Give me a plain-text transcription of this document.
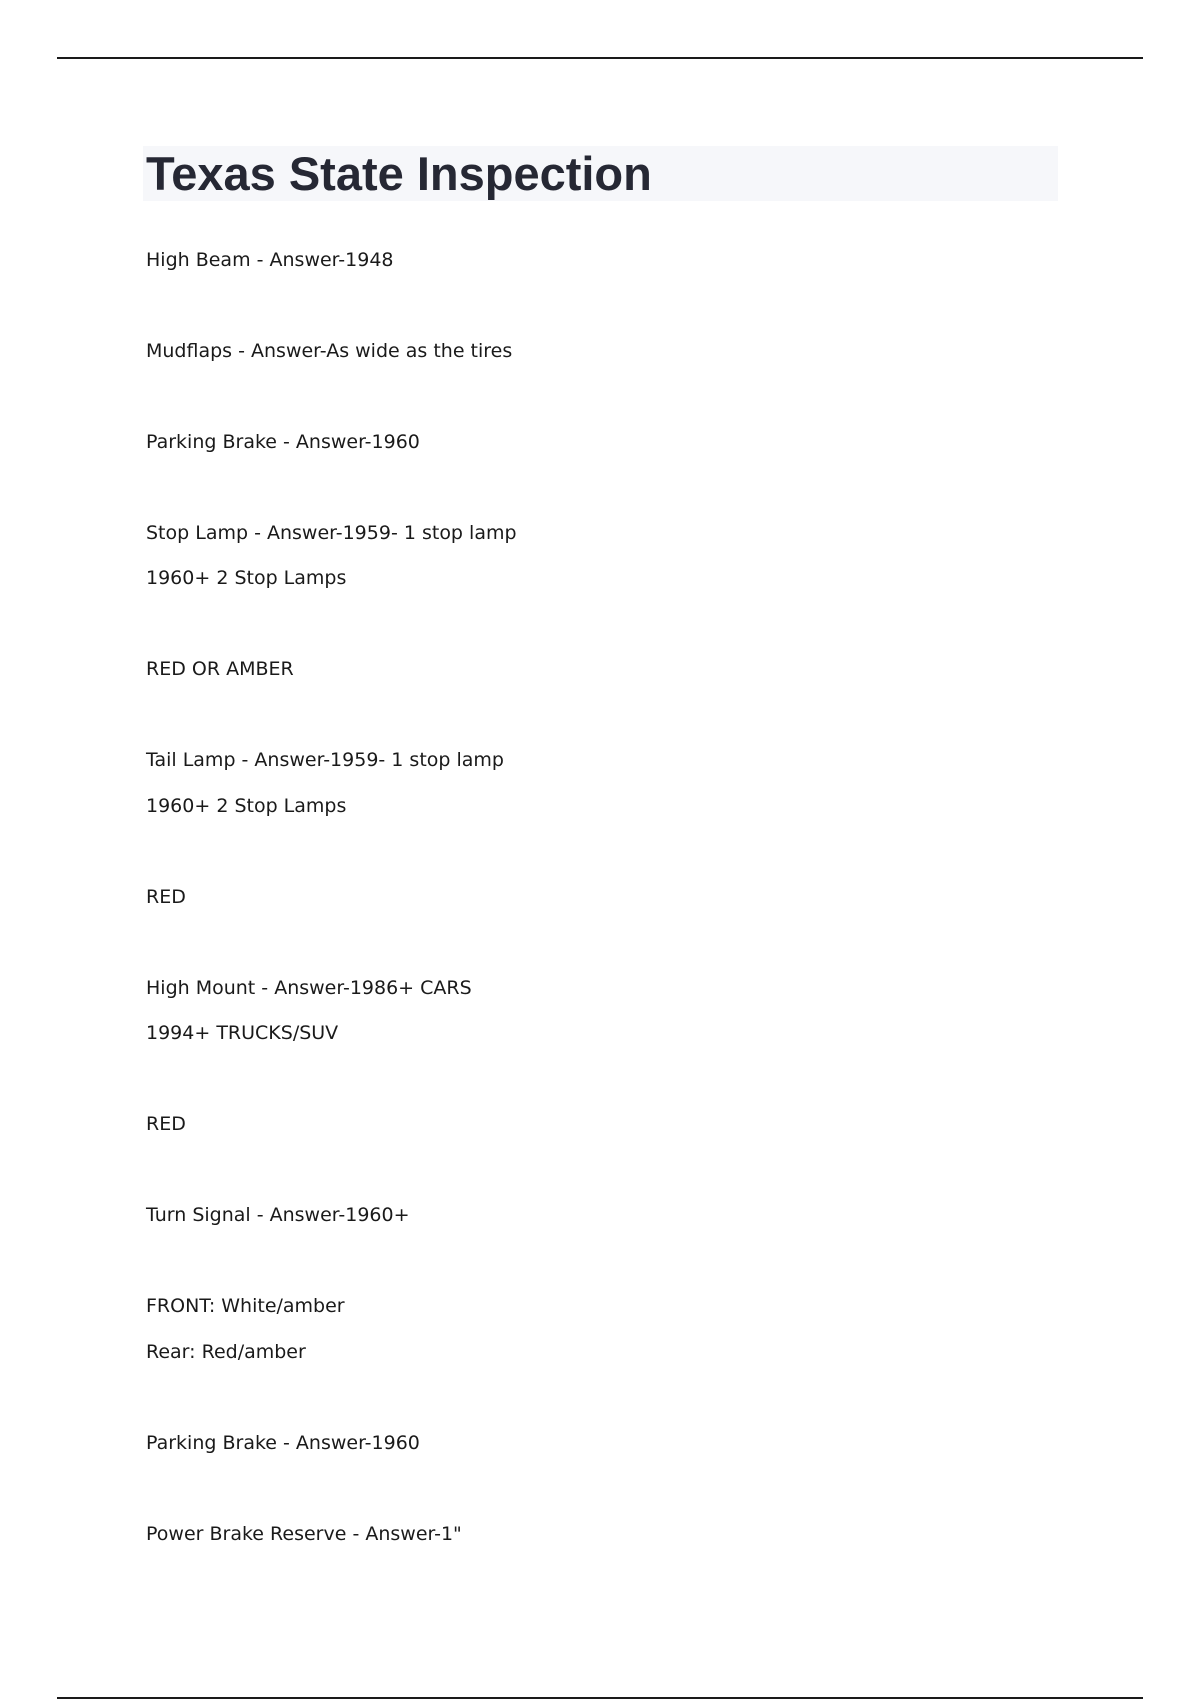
Texas State Inspection

High Beam - Answer-1948

Mudflaps - Answer-As wide as the tires

Parking Brake - Answer-1960

Stop Lamp - Answer-1959- 1 stop lamp

1960+ 2 Stop Lamps

RED OR AMBER

Tail Lamp - Answer-1959- 1 stop lamp

1960+ 2 Stop Lamps

RED

High Mount - Answer-1986+ CARS

1994+ TRUCKS/SUV

RED

Turn Signal - Answer-1960+

FRONT: White/amber

Rear: Red/amber

Parking Brake - Answer-1960

Power Brake Reserve - Answer-1"
